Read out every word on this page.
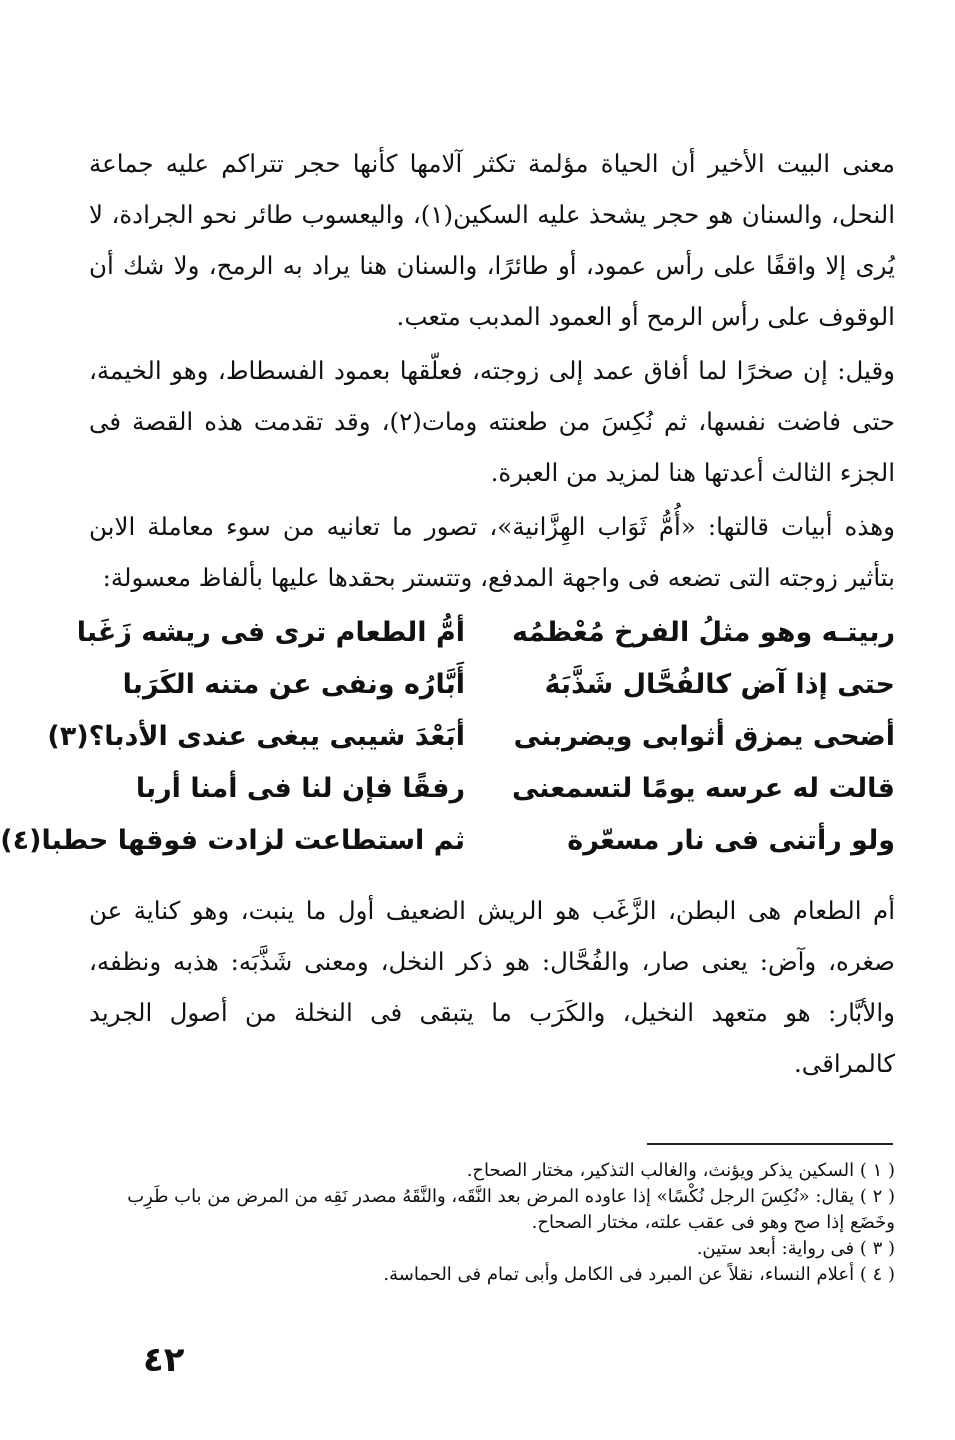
معنى البيت الأخير أن الحياة مؤلمة تكثر آلامها كأنها حجر تتراكم عليه جماعة النحل، والسنان هو حجر يشحذ عليه السكين(١)، واليعسوب طائر نحو الجرادة، لا يُرى إلا واقفًا على رأس عمود، أو طائرًا، والسنان هنا يراد به الرمح، ولا شك أن الوقوف على رأس الرمح أو العمود المدبب متعب.

وقيل: إن صخرًا لما أفاق عمد إلى زوجته، فعلّقها بعمود الفسطاط، وهو الخيمة، حتى فاضت نفسها، ثم نُكِسَ من طعنته ومات(٢)، وقد تقدمت هذه القصة فى الجزء الثالث أعدتها هنا لمزيد من العبرة.

وهذه أبيات قالتها: «أُمُّ ثَوَاب الهِزَّانية»، تصور ما تعانيه من سوء معاملة الابن بتأثير زوجته التى تضعه فى واجهة المدفع، وتتستر بحقدها عليها بألفاظ معسولة:

ربيتـه وهو مثلُ الفرخ مُعْظمُه
أمُّ الطعام ترى فى ريشه زَغَبا
حتى إذا آض كالفُحَّال شَذَّبَهُ
أَبَّارُه ونفى عن متنه الكَرَبا
أضحى يمزق أثوابى ويضربنى
أبَعْدَ شيبى يبغى عندى الأدبا؟(٣)
قالت له عرسه يومًا لتسمعنى
رفقًا فإن لنا فى أمنا أربا
ولو رأتنى فى نار مسعّرة
ثم استطاعت لزادت فوقها حطبا(٤)

أم الطعام هى البطن، الزَّغَب هو الريش الضعيف أول ما ينبت، وهو كناية عن صغره، وآض: يعنى صار، والفُحَّال: هو ذكر النخل، ومعنى شَذَّبَه: هذبه ونظفه، والأبَّار: هو متعهد النخيل، والكَرَب ما يتبقى فى النخلة من أصول الجريد كالمراقى.

( ١ ) السكين يذكر ويؤنث، والغالب التذكير، مختار الصحاح.

( ٢ ) يقال: «نُكِسَ الرجل نُكْسًا» إذا عاوده المرض بعد النَّقَه، والنَّقَهُ مصدر نَقِه من المرض من باب طَرِب وخَضَع إذا صح وهو فى عقب علته، مختار الصحاح.

( ٣ ) فى رواية: أبعد ستين.

( ٤ ) أعلام النساء، نقلاً عن المبرد فى الكامل وأبى تمام فى الحماسة.

٤٢
